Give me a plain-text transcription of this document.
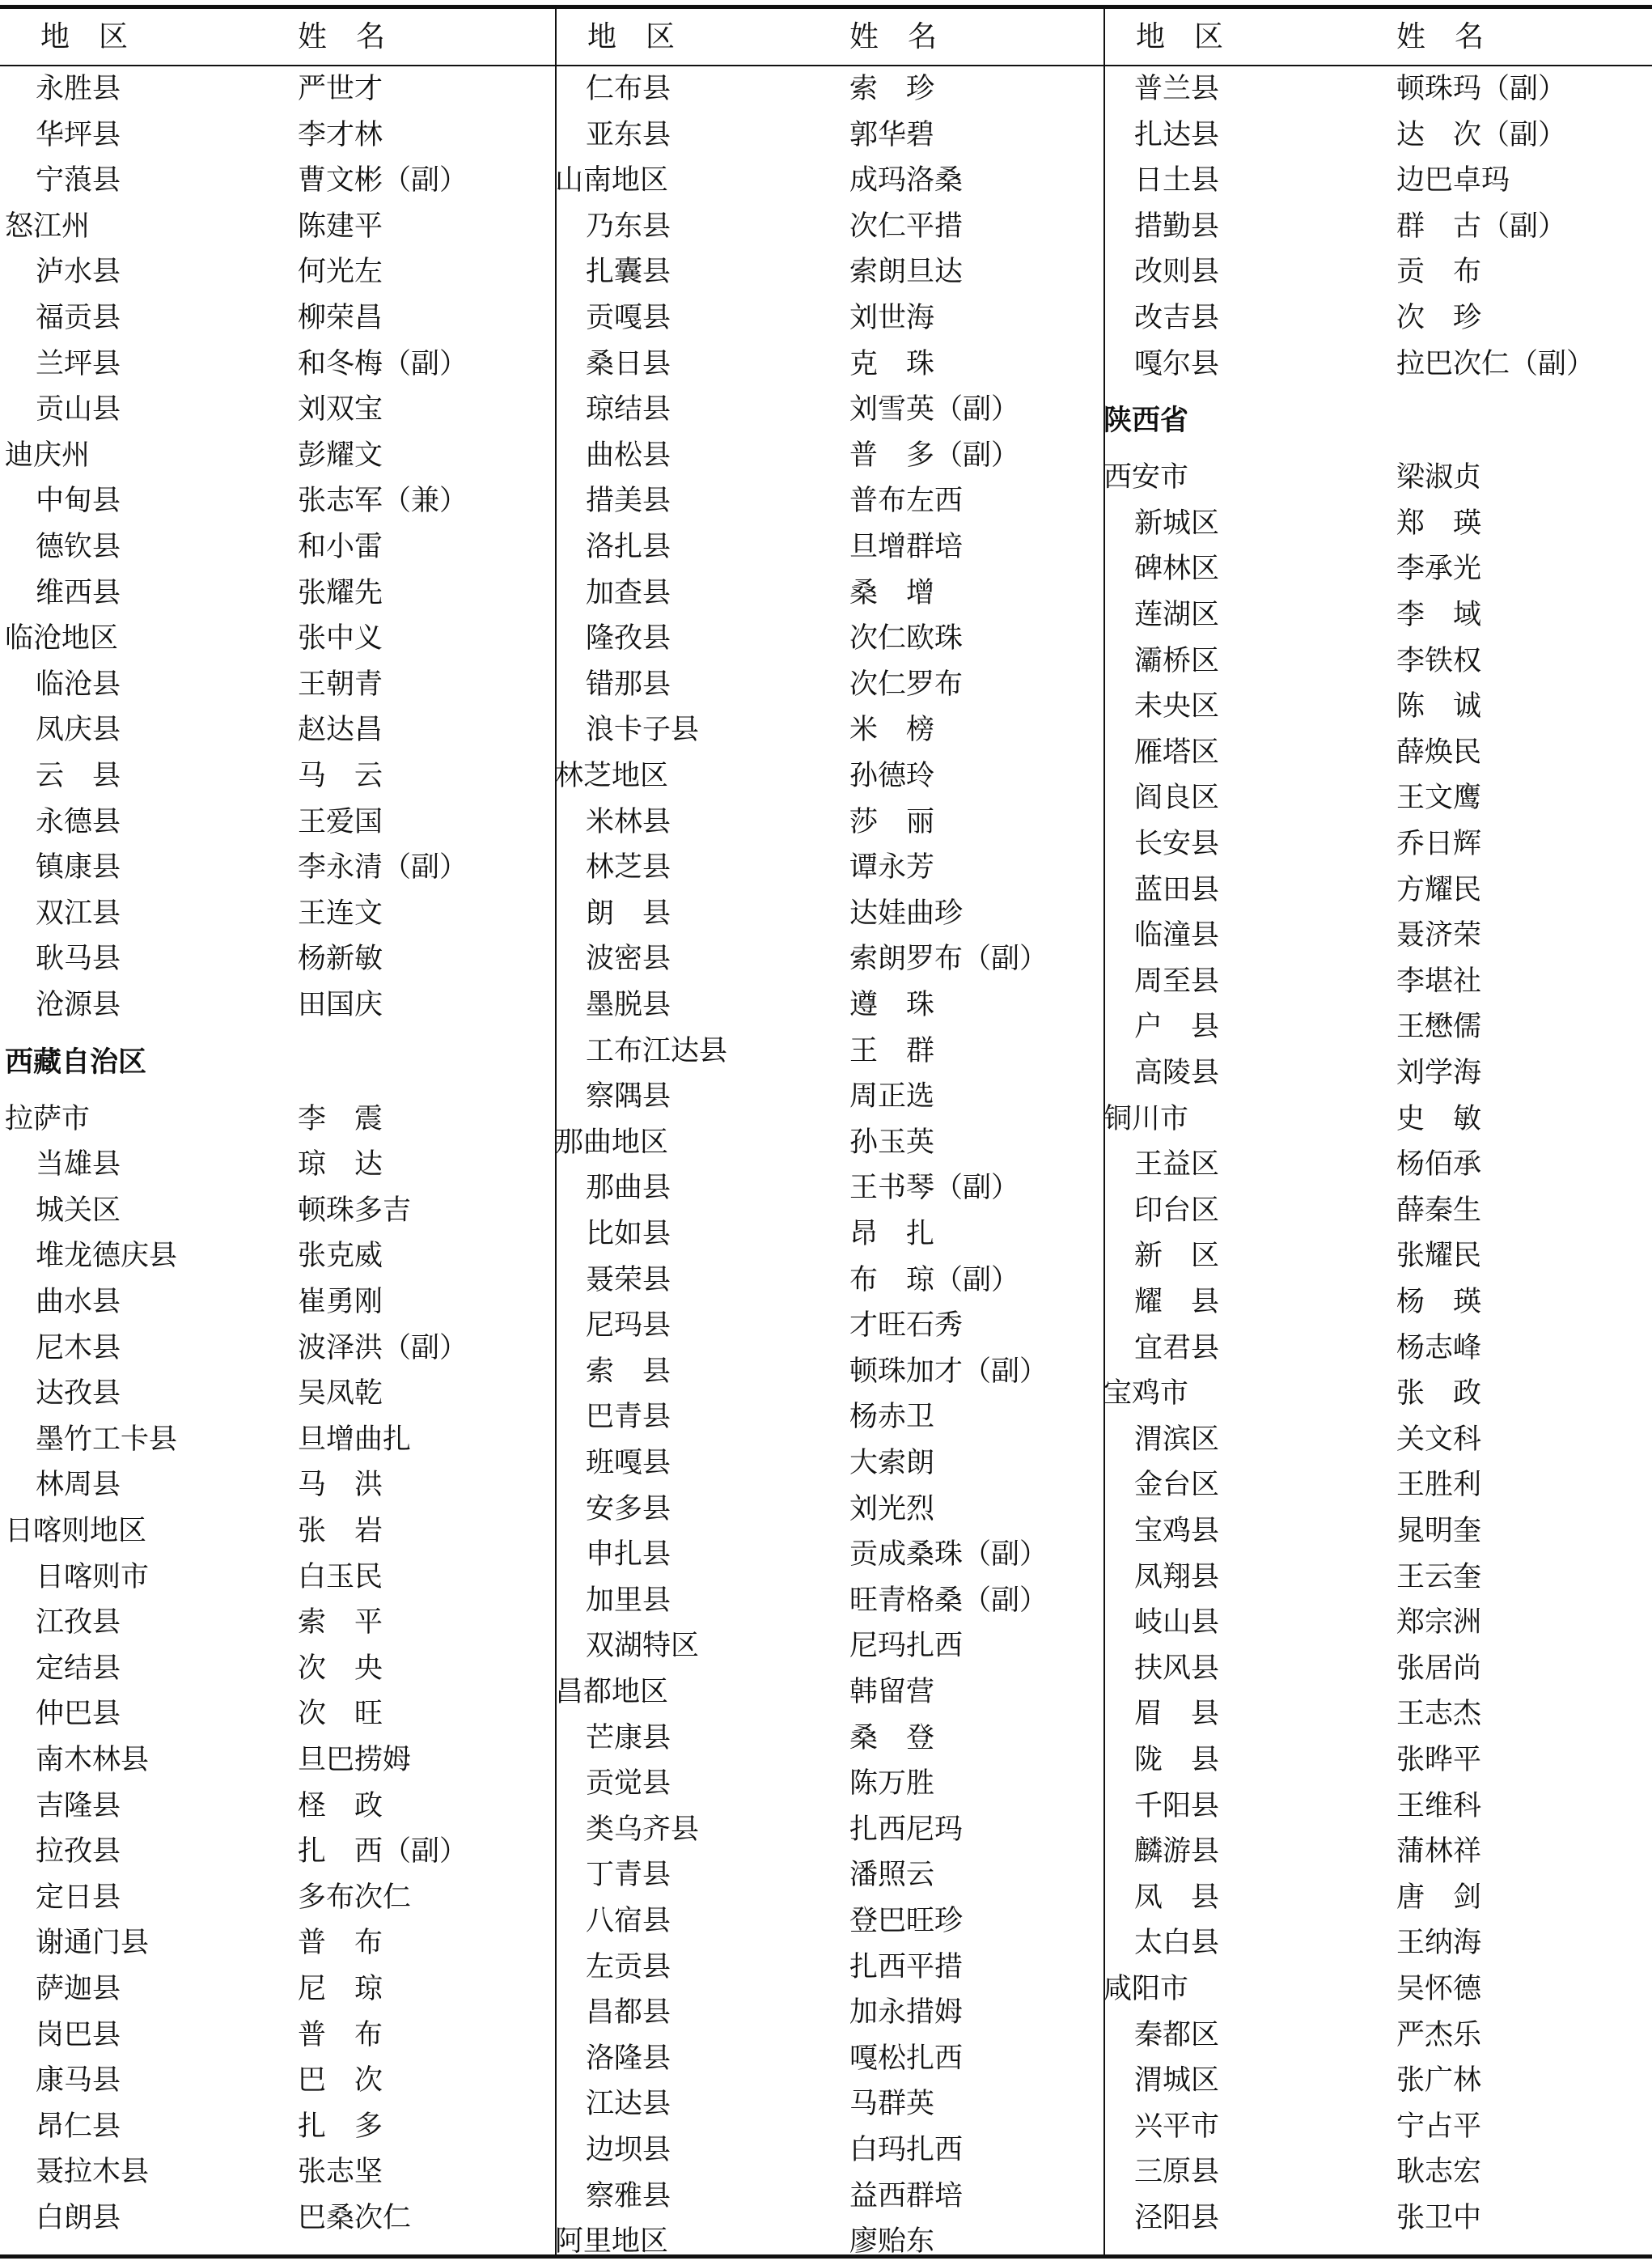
地　区	姓　名
永胜县	严世才
华坪县	李才林
宁蒗县	曹文彬（副）
怒江州	陈建平
泸水县	何光左
福贡县	柳荣昌
兰坪县	和冬梅（副）
贡山县	刘双宝
迪庆州	彭耀文
中甸县	张志军（兼）
德钦县	和小雷
维西县	张耀先
临沧地区	张中义
临沧县	王朝青
凤庆县	赵达昌
云　县	马　云
永德县	王爱国
镇康县	李永清（副）
双江县	王连文
耿马县	杨新敏
沧源县	田国庆
西藏自治区
拉萨市	李　震
当雄县	琼　达
城关区	顿珠多吉
堆龙德庆县	张克威
曲水县	崔勇刚
尼木县	波泽洪（副）
达孜县	吴凤乾
墨竹工卡县	旦增曲扎
林周县	马　洪
日喀则地区	张　岩
日喀则市	白玉民
江孜县	索　平
定结县	次　央
仲巴县	次　旺
南木林县	旦巴捞姆
吉隆县	柽　政
拉孜县	扎　西（副）
定日县	多布次仁
谢通门县	普　布
萨迦县	尼　琼
岗巴县	普　布
康马县	巴　次
昂仁县	扎　多
聂拉木县	张志坚
白朗县	巴桑次仁
地　区	姓　名
仁布县	索　珍
亚东县	郭华碧
山南地区	成玛洛桑
乃东县	次仁平措
扎囊县	索朗旦达
贡嘎县	刘世海
桑日县	克　珠
琼结县	刘雪英（副）
曲松县	普　多（副）
措美县	普布左西
洛扎县	旦增群培
加查县	桑　增
隆孜县	次仁欧珠
错那县	次仁罗布
浪卡子县	米　榜
林芝地区	孙德玲
米林县	莎　丽
林芝县	谭永芳
朗　县	达娃曲珍
波密县	索朗罗布（副）
墨脱县	遵　珠
工布江达县	王　群
察隅县	周正选
那曲地区	孙玉英
那曲县	王书琴（副）
比如县	昂　扎
聂荣县	布　琼（副）
尼玛县	才旺石秀
索　县	顿珠加才（副）
巴青县	杨赤卫
班嘎县	大索朗
安多县	刘光烈
申扎县	贡成桑珠（副）
加里县	旺青格桑（副）
双湖特区	尼玛扎西
昌都地区	韩留营
芒康县	桑　登
贡觉县	陈万胜
类乌齐县	扎西尼玛
丁青县	潘照云
八宿县	登巴旺珍
左贡县	扎西平措
昌都县	加永措姆
洛隆县	嘎松扎西
江达县	马群英
边坝县	白玛扎西
察雅县	益西群培
阿里地区	廖贻东
地　区	姓　名
普兰县	顿珠玛（副）
扎达县	达　次（副）
日土县	边巴卓玛
措勤县	群　古（副）
改则县	贡　布
改吉县	次　珍
嘎尔县	拉巴次仁（副）
陕西省
西安市	梁淑贞
新城区	郑　瑛
碑林区	李承光
莲湖区	李　域
灞桥区	李铁权
未央区	陈　诚
雁塔区	薛焕民
阎良区	王文鹰
长安县	乔日辉
蓝田县	方耀民
临潼县	聂济荣
周至县	李堪社
户　县	王懋儒
高陵县	刘学海
铜川市	史　敏
王益区	杨佰承
印台区	薛秦生
新　区	张耀民
耀　县	杨　瑛
宜君县	杨志峰
宝鸡市	张　政
渭滨区	关文科
金台区	王胜利
宝鸡县	晁明奎
凤翔县	王云奎
岐山县	郑宗洲
扶风县	张居尚
眉　县	王志杰
陇　县	张晔平
千阳县	王维科
麟游县	蒲林祥
凤　县	唐　剑
太白县	王纳海
咸阳市	吴怀德
秦都区	严杰乐
渭城区	张广林
兴平市	宁占平
三原县	耿志宏
泾阳县	张卫中
